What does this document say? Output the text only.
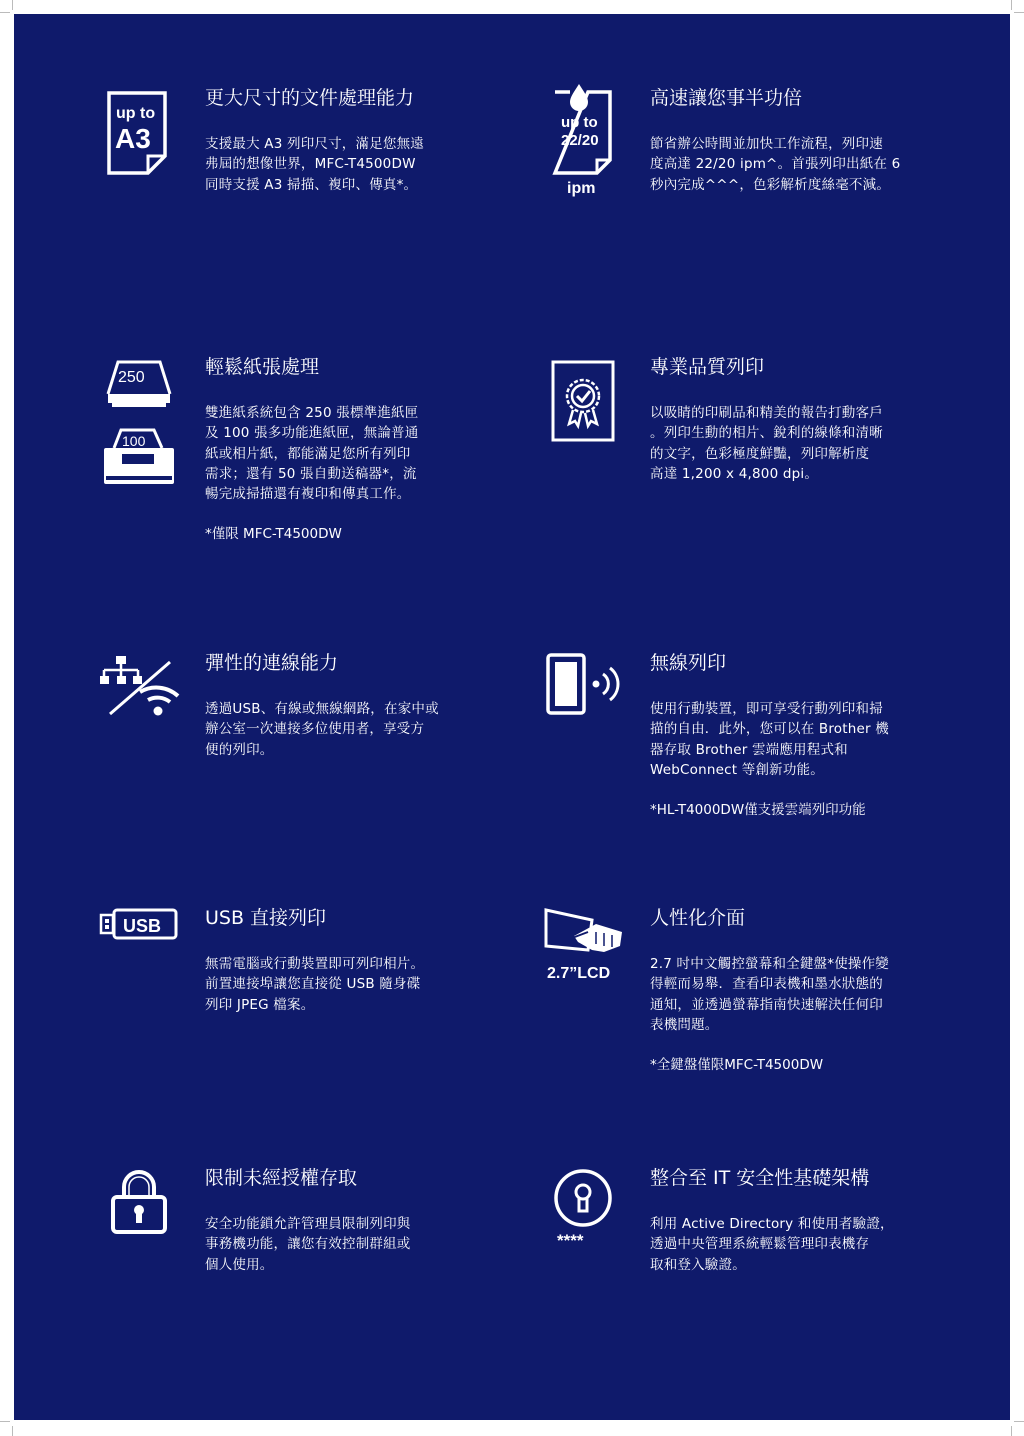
up to
A3
更大尺寸的文件處理能力

支援最大 A3 列印尺寸，滿足您無遠
弗屆的想像世界，MFC-T4500DW
同時支援 A3 掃描、複印、傳真*。

up to
22/20
ipm
高速讓您事半功倍

節省辦公時間並加快工作流程，列印速
度高達 22/20 ipm^。首張列印出紙在 6
秒內完成^^^，色彩解析度絲毫不減。

250
100
輕鬆紙張處理

雙進紙系統包含 250 張標準進紙匣
及 100 張多功能進紙匣，無論普通
紙或相片紙，都能滿足您所有列印
需求；還有 50 張自動送稿器*，流
暢完成掃描還有複印和傳真工作。

*僅限 MFC-T4500DW

專業品質列印

以吸睛的印刷品和精美的報告打動客戶
。列印生動的相片、銳利的線條和清晰
的文字，色彩極度鮮豔，列印解析度
高達 1,200 x 4,800 dpi。

彈性的連線能力

透過USB、有線或無線網路，在家中或
辦公室一次連接多位使用者，享受方
便的列印。

無線列印

使用行動裝置，即可享受行動列印和掃
描的自由．此外，您可以在 Brother 機
器存取 Brother 雲端應用程式和
WebConnect 等創新功能。

*HL-T4000DW僅支援雲端列印功能

USB USB 直接列印

無需電腦或行動裝置即可列印相片。
前置連接埠讓您直接從 USB 隨身碟
列印 JPEG 檔案。

2.7”LCD
人性化介面

2.7 吋中文觸控螢幕和全鍵盤*使操作變
得輕而易舉．查看印表機和墨水狀態的
通知，並透過螢幕指南快速解決任何印
表機問題。

*全鍵盤僅限MFC-T4500DW

限制未經授權存取

安全功能鎖允許管理員限制列印與
事務機功能，讓您有效控制群組或
個人使用。

****
整合至 IT 安全性基礎架構

利用 Active Directory 和使用者驗證，
透過中央管理系統輕鬆管理印表機存
取和登入驗證。
